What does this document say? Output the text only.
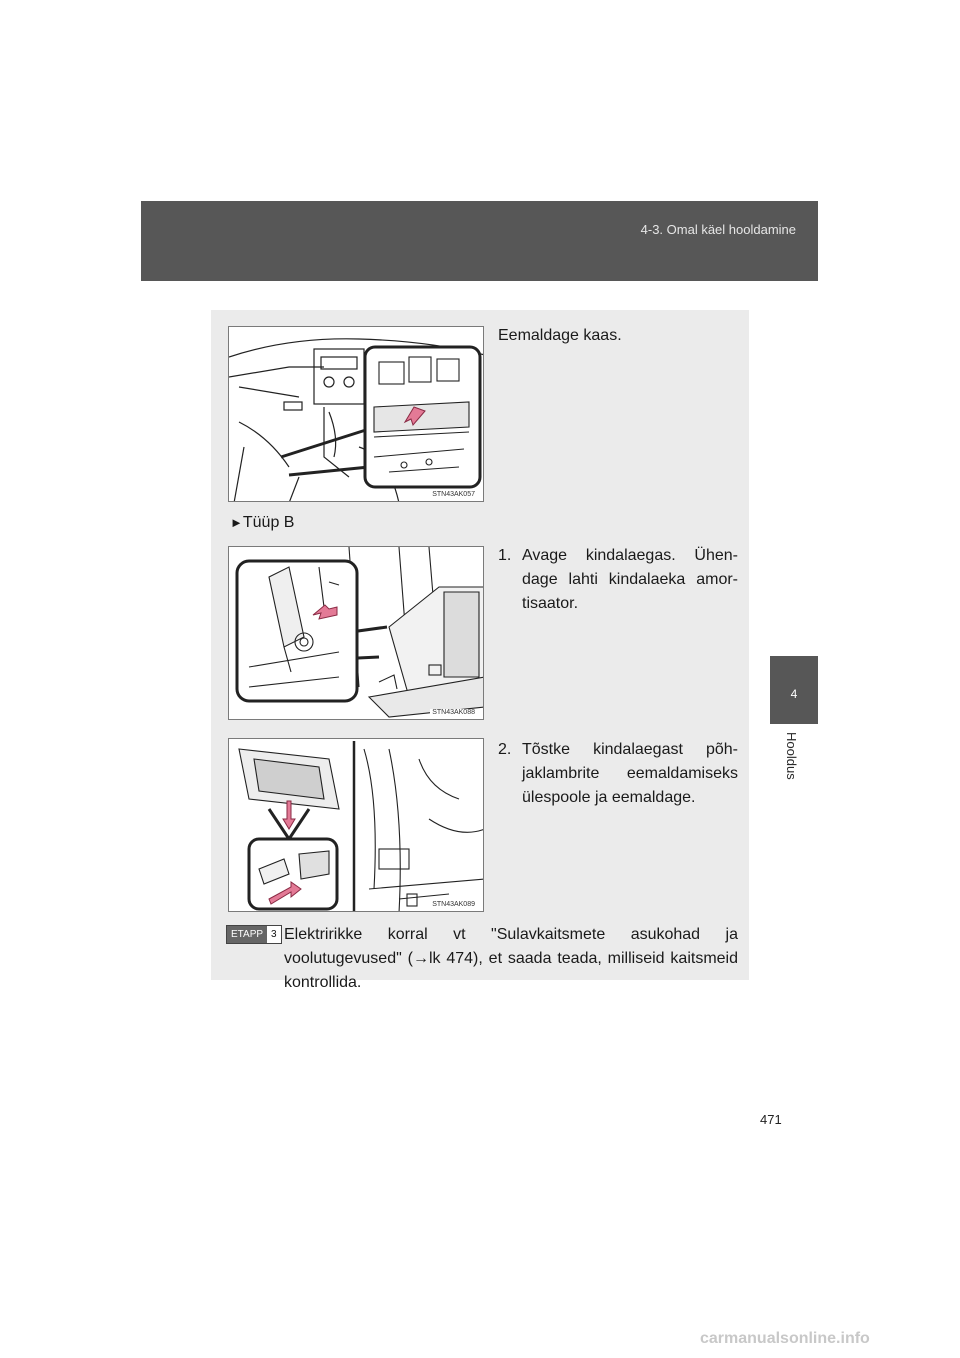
4-3. Omal käel hooldamine
4
Hooldus
STN43AK057
Eemaldage kaas.
►Tüüp B
STN43AK088
1. Avage kindalaegas. Ühen-dage lahti kindalaeka amor-tisaator.
STN43AK089
2. Tõstke kindalaegast põh-jaklambrite eemaldamiseks ülespoole ja eemaldage.
ETAPP 3 Elektririkke korral vt "Sulavkaitsmete asukohad ja voolutugevused" (→lk 474), et saada teada, milliseid kaitsmeid kontrollida.
471
carmanualsonline.info
